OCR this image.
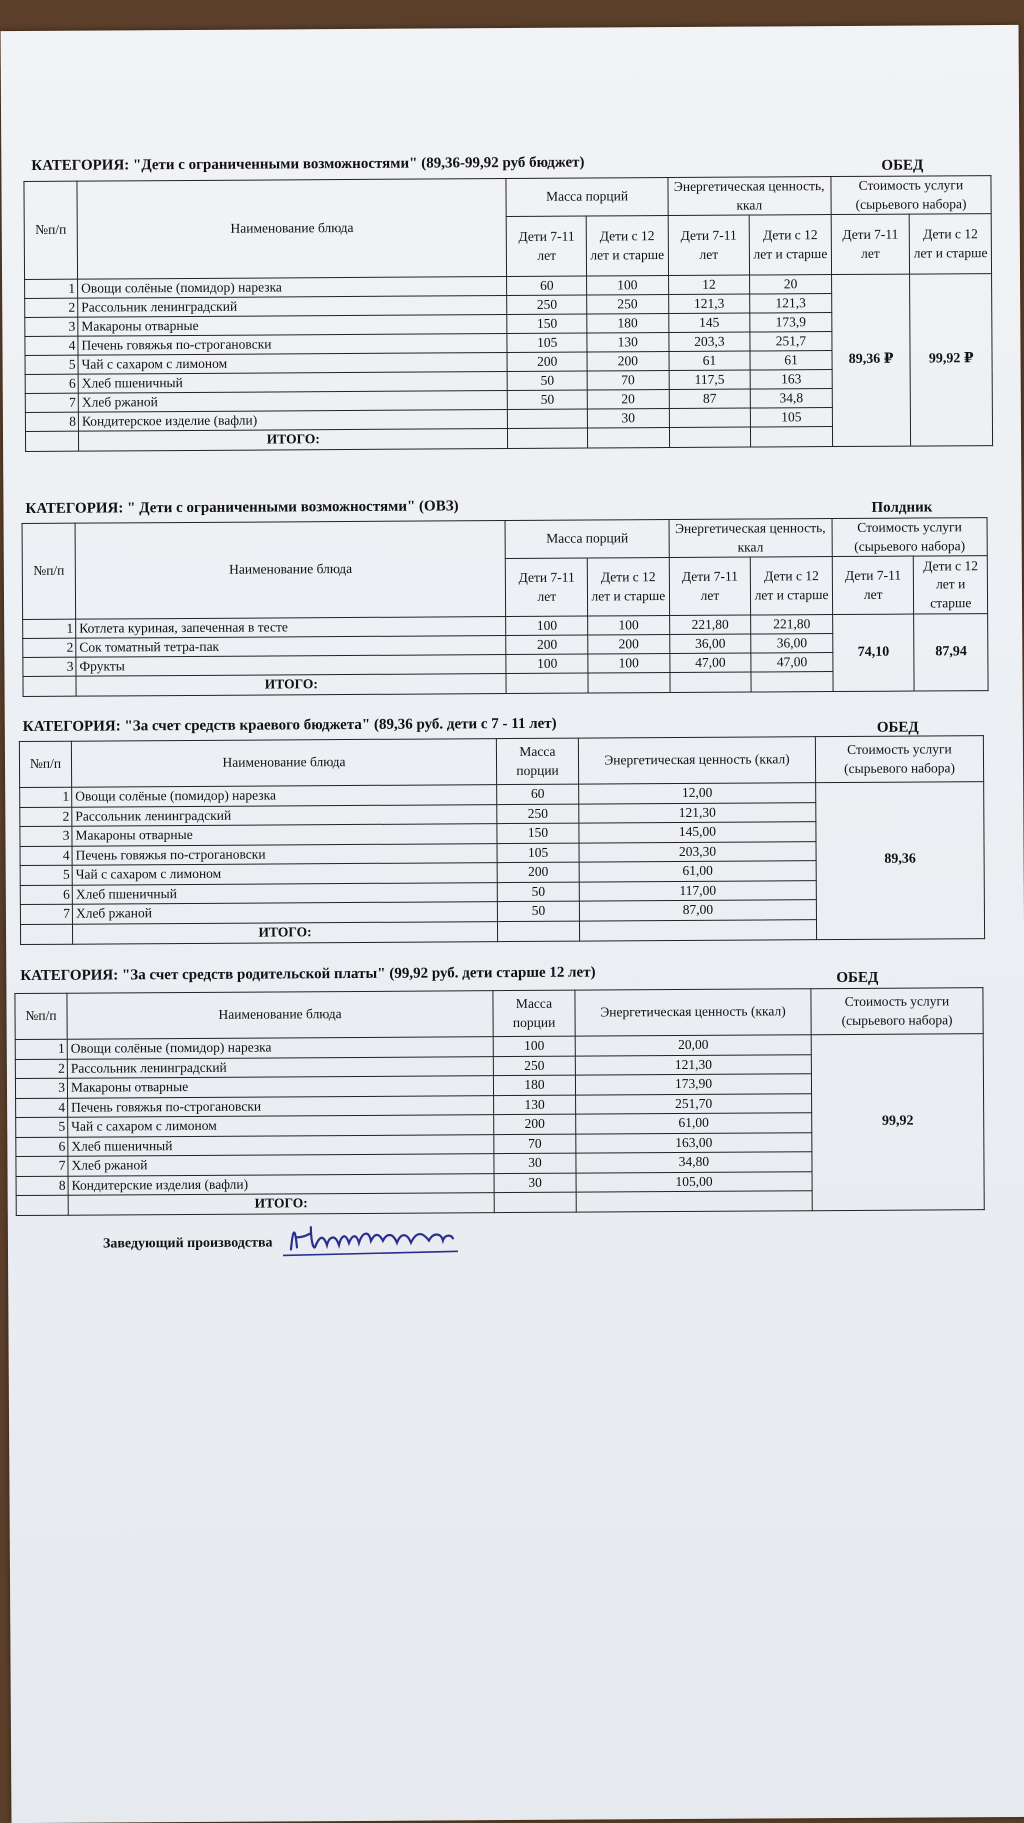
КАТЕГОРИЯ: "Дети с ограниченными возможностями" (89,36-99,92 руб бюджет)	ОБЕД
№п/п	Наименование блюда	Масса порций		Энергетическая ценность, ккал		Стоимость услуги (сырьевого набора)	
		Дети 7-11 лет	Дети с 12 лет и старше	Дети 7-11 лет	Дети с 12 лет и старше	Дети 7-11 лет	Дети с 12 лет и старше
1	Овощи солёные (помидор) нарезка	60	100	12	20	89,36 ₽	99,92 ₽
2	Рассольник ленинградский	250	250	121,3	121,3		
3	Макароны отварные	150	180	145	173,9		
4	Печень говяжья по-строгановски	105	130	203,3	251,7		
5	Чай с сахаром с лимоном	200	200	61	61		
6	Хлеб пшеничный	50	70	117,5	163		
7	Хлеб ржаной	50	20	87	34,8		
8	Кондитерское изделие (вафли)		30		105		
	ИТОГО:						
КАТЕГОРИЯ: " Дети с ограниченными возможностями" (ОВЗ)	Полдник
№п/п	Наименование блюда	Масса порций		Энергетическая ценность, ккал		Стоимость услуги (сырьевого набора)	
		Дети 7-11 лет	Дети с 12 лет и старше	Дети 7-11 лет	Дети с 12 лет и старше	Дети 7-11 лет	Дети с 12 лет и старше
1	Котлета куриная, запеченная в тесте	100	100	221,80	221,80	74,10	87,94
2	Сок томатный тетра-пак	200	200	36,00	36,00		
3	Фрукты	100	100	47,00	47,00		
	ИТОГО:						
КАТЕГОРИЯ: "За счет средств краевого бюджета" (89,36 руб. дети с 7 - 11 лет)	ОБЕД
№п/п	Наименование блюда	Масса порции	Энергетическая ценность (ккал)	Стоимость услуги (сырьевого набора)
1	Овощи солёные (помидор) нарезка	60	12,00	89,36
2	Рассольник ленинградский	250	121,30	
3	Макароны отварные	150	145,00	
4	Печень говяжья по-строгановски	105	203,30	
5	Чай с сахаром с лимоном	200	61,00	
6	Хлеб пшеничный	50	117,00	
7	Хлеб ржаной	50	87,00	
	ИТОГО:			
КАТЕГОРИЯ: "За счет средств родительской платы" (99,92 руб. дети старше 12 лет)	ОБЕД
№п/п	Наименование блюда	Масса порции	Энергетическая ценность (ккал)	Стоимость услуги (сырьевого набора)
1	Овощи солёные (помидор) нарезка	100	20,00	99,92
2	Рассольник ленинградский	250	121,30	
3	Макароны отварные	180	173,90	
4	Печень говяжья по-строгановски	130	251,70	
5	Чай с сахаром с лимоном	200	61,00	
6	Хлеб пшеничный	70	163,00	
7	Хлеб ржаной	30	34,80	
8	Кондитерские изделия (вафли)	30	105,00	
	ИТОГО:			
Заведующий производства
